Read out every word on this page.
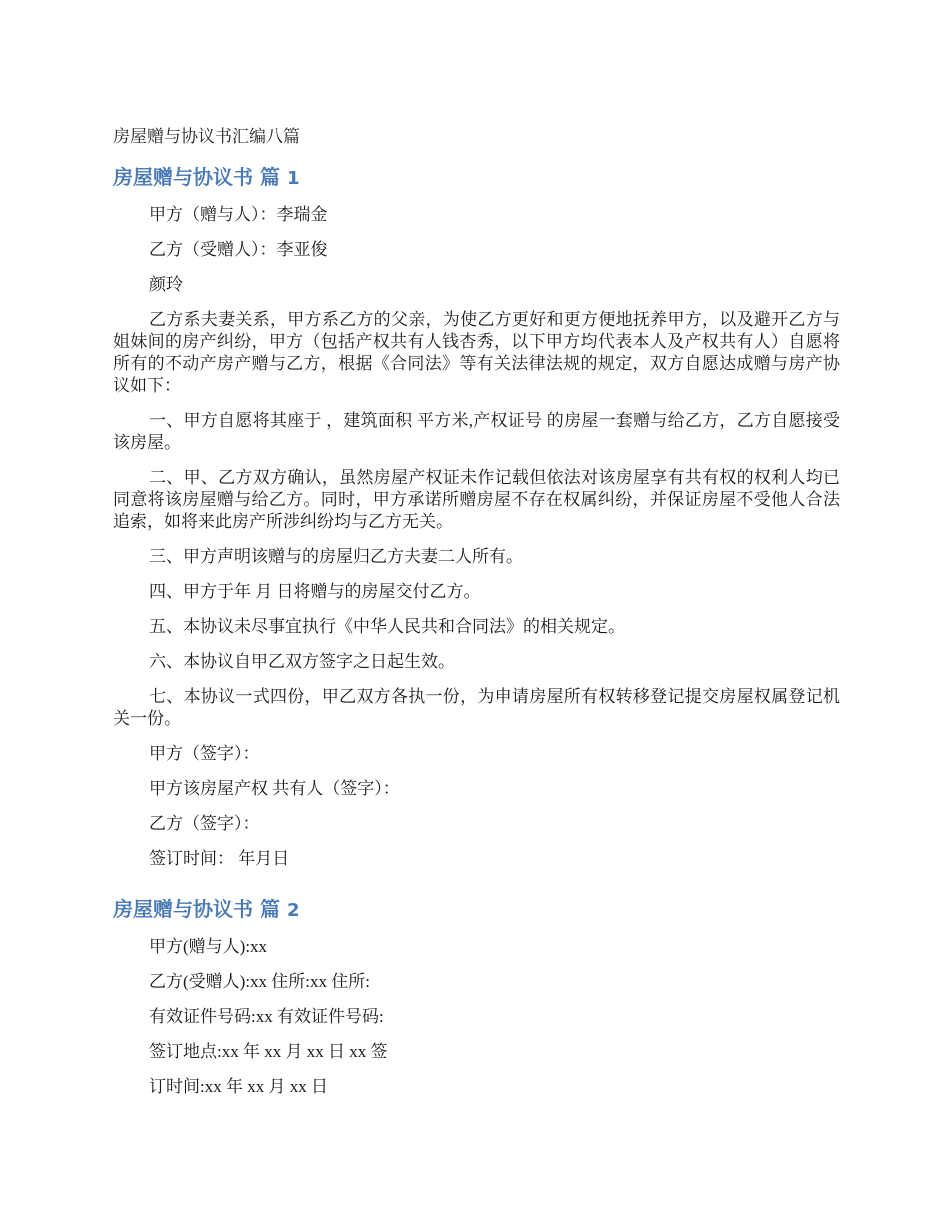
房屋赠与协议书汇编八篇
房屋赠与协议书 篇 1

甲方（赠与人）：李瑞金

乙方（受赠人）：李亚俊

颜玲

乙方系夫妻关系，甲方系乙方的父亲，为使乙方更好和更方便地抚养甲方，以及避开乙方与姐妹间的房产纠纷，甲方（包括产权共有人钱杏秀，以下甲方均代表本人及产权共有人）自愿将所有的不动产房产赠与乙方，根据《合同法》等有关法律法规的规定，双方自愿达成赠与房产协议如下：

一、甲方自愿将其座于 ，建筑面积 平方米,产权证号 的房屋一套赠与给乙方，乙方自愿接受该房屋。

二、甲、乙方双方确认，虽然房屋产权证未作记载但依法对该房屋享有共有权的权利人均已同意将该房屋赠与给乙方。同时，甲方承诺所赠房屋不存在权属纠纷，并保证房屋不受他人合法追索，如将来此房产所涉纠纷均与乙方无关。

三、甲方声明该赠与的房屋归乙方夫妻二人所有。

四、甲方于年 月 日将赠与的房屋交付乙方。

五、本协议未尽事宜执行《中华人民共和合同法》的相关规定。

六、本协议自甲乙双方签字之日起生效。

七、本协议一式四份，甲乙双方各执一份，为申请房屋所有权转移登记提交房屋权属登记机关一份。

甲方（签字）：

甲方该房屋产权 共有人（签字）：

乙方（签字）：

签订时间： 年月日

房屋赠与协议书 篇 2

甲方(赠与人):xx

乙方(受赠人):xx 住所:xx 住所:

有效证件号码:xx 有效证件号码:

签订地点:xx 年 xx 月 xx 日 xx 签

订时间:xx 年 xx 月 xx 日
